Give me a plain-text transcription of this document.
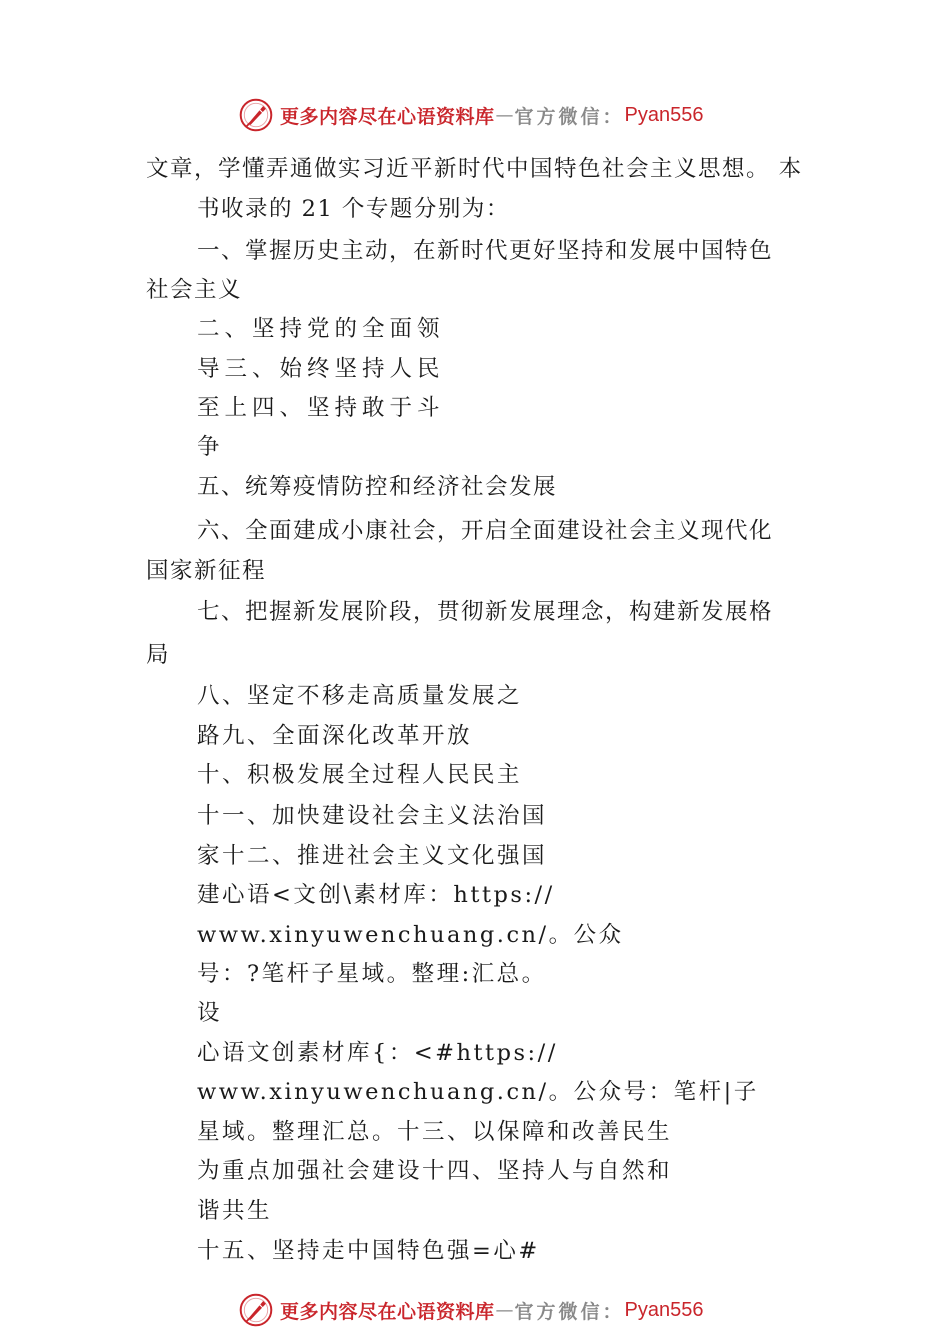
更多内容尽在心语资料库 — 官方微信： Pyan556
文章，学懂弄通做实习近平新时代中国特色社会主义思想。 本
书收录的 21 个专题分别为：
一、掌握历史主动，在新时代更好坚持和发展中国特色
社会主义
二、坚持党的全面领
导三、始终坚持人民
至上四、坚持敢于斗
争
五、统筹疫情防控和经济社会发展
六、全面建成小康社会，开启全面建设社会主义现代化
国家新征程
七、把握新发展阶段，贯彻新发展理念，构建新发展格
局
八、坚定不移走高质量发展之
路九、全面深化改革开放
十、积极发展全过程人民民主
十一、加快建设社会主义法治国
家十二、推进社会主义文化强国
建心语<文创\素材库：https://
www.xinyuwenchuang.cn/。公众
号：?笔杆子星域。整理:汇总。
设
心语文创素材库{：<#https://
www.xinyuwenchuang.cn/。公众号：笔杆|子
星域。整理汇总。十三、以保障和改善民生
为重点加强社会建设十四、坚持人与自然和
谐共生
十五、坚持走中国特色强=心#
更多内容尽在心语资料库 — 官方微信： Pyan556
